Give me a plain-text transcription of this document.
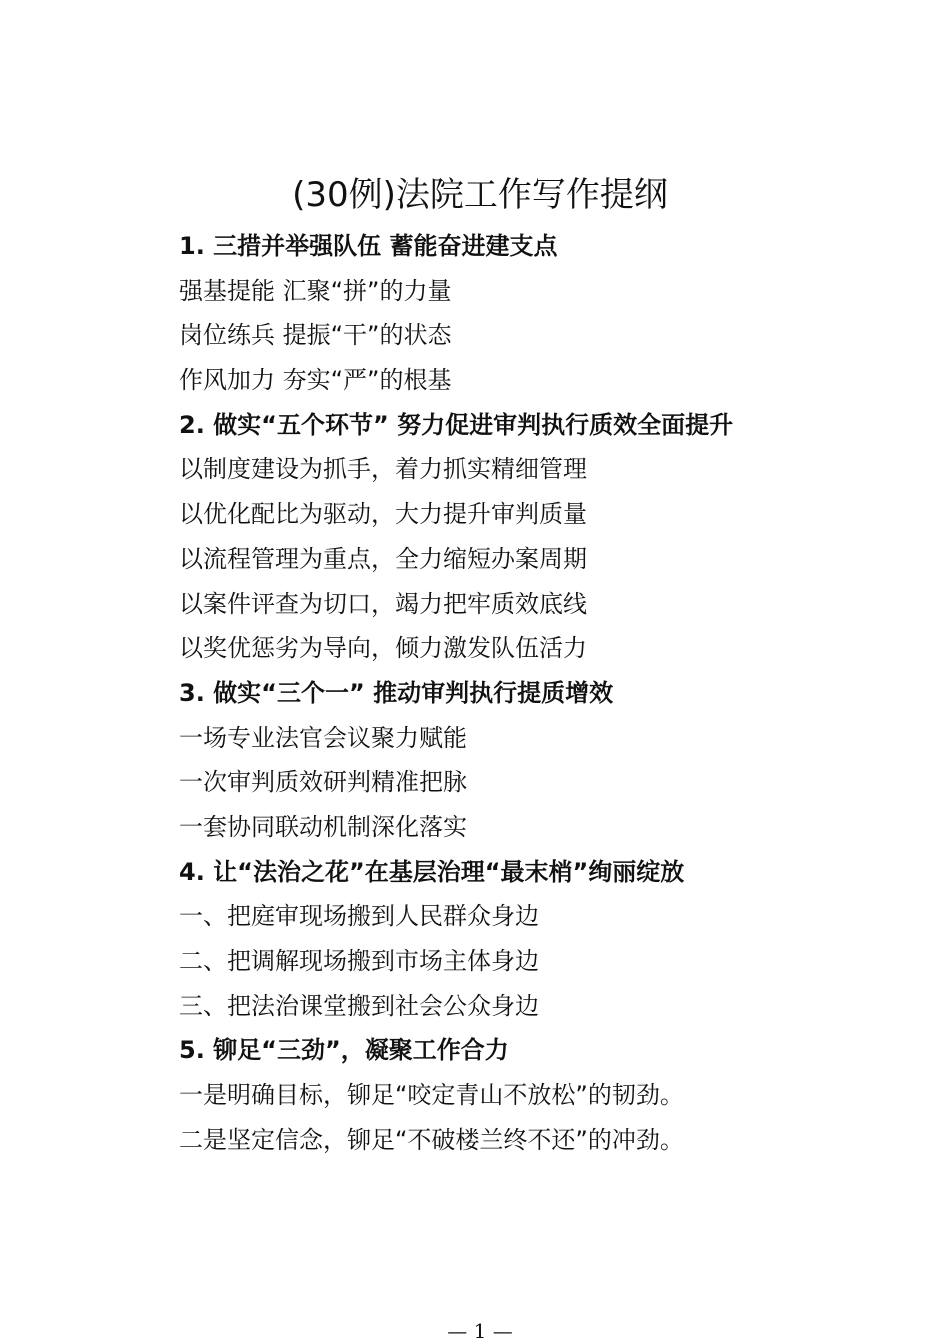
(30例)法院工作写作提纲
1. 三措并举强队伍 蓄能奋进建支点
强基提能 汇聚“拼”的力量
岗位练兵 提振“干”的状态
作风加力 夯实“严”的根基
2. 做实“五个环节” 努力促进审判执行质效全面提升
以制度建设为抓手，着力抓实精细管理
以优化配比为驱动，大力提升审判质量
以流程管理为重点，全力缩短办案周期
以案件评查为切口，竭力把牢质效底线
以奖优惩劣为导向，倾力激发队伍活力
3. 做实“三个一” 推动审判执行提质增效
一场专业法官会议聚力赋能
一次审判质效研判精准把脉
一套协同联动机制深化落实
4. 让“法治之花”在基层治理“最末梢”绚丽绽放
一、把庭审现场搬到人民群众身边
二、把调解现场搬到市场主体身边
三、把法治课堂搬到社会公众身边
5. 铆足“三劲”，凝聚工作合力
一是明确目标，铆足“咬定青山不放松”的韧劲。
二是坚定信念，铆足“不破楼兰终不还”的冲劲。
— 1 —
